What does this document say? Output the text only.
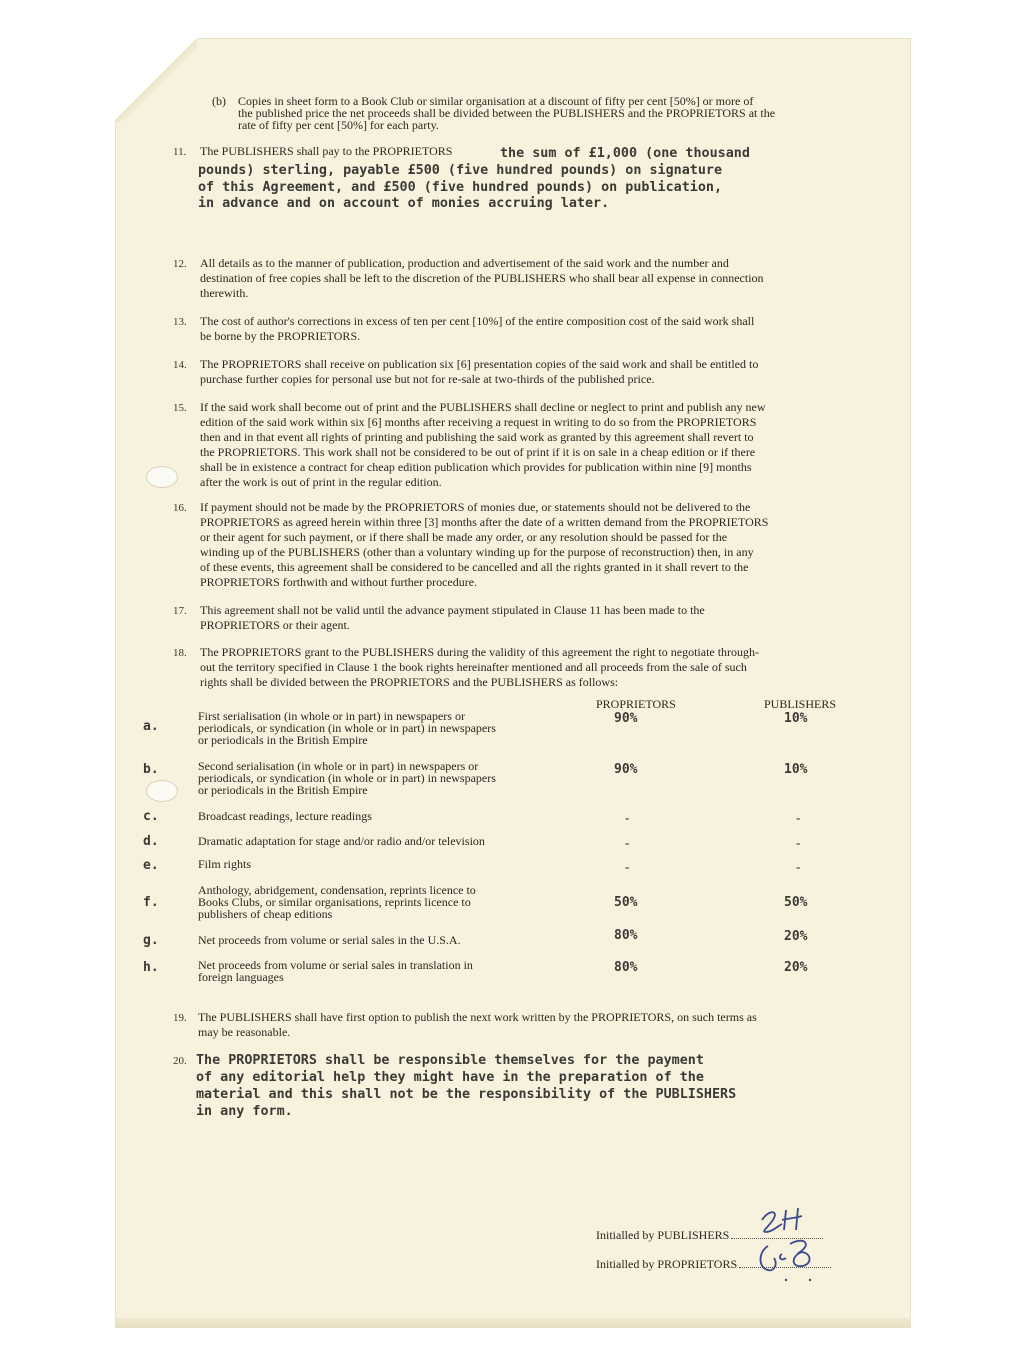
(b) Copies in sheet form to a Book Club or similar organisation at a discount of fifty per cent [50%] or more of
the published price the net proceeds shall be divided between the PUBLISHERS and the PROPRIETORS at the
rate of fifty per cent [50%] for each party.
11. The PUBLISHERS shall pay to the PROPRIETORS	the sum of £1,000 (one thousand
pounds) sterling, payable £500 (five hundred pounds) on signature
of this Agreement, and £500 (five hundred pounds) on publication,
in advance and on account of monies accruing later.
12. All details as to the manner of publication, production and advertisement of the said work and the number and
destination of free copies shall be left to the discretion of the PUBLISHERS who shall bear all expense in connection
therewith.
13. The cost of author's corrections in excess of ten per cent [10%] of the entire composition cost of the said work shall
be borne by the PROPRIETORS.
14. The PROPRIETORS shall receive on publication six [6] presentation copies of the said work and shall be entitled to
purchase further copies for personal use but not for re-sale at two-thirds of the published price.
15. If the said work shall become out of print and the PUBLISHERS shall decline or neglect to print and publish any new
edition of the said work within six [6] months after receiving a request in writing to do so from the PROPRIETORS
then and in that event all rights of printing and publishing the said work as granted by this agreement shall revert to
the PROPRIETORS. This work shall not be considered to be out of print if it is on sale in a cheap edition or if there
shall be in existence a contract for cheap edition publication which provides for publication within nine [9] months
after the work is out of print in the regular edition.
16. If payment should not be made by the PROPRIETORS of monies due, or statements should not be delivered to the
PROPRIETORS as agreed herein within three [3] months after the date of a written demand from the PROPRIETORS
or their agent for such payment, or if there shall be made any order, or any resolution should be passed for the
winding up of the PUBLISHERS (other than a voluntary winding up for the purpose of reconstruction) then, in any
of these events, this agreement shall be considered to be cancelled and all the rights granted in it shall revert to the
PROPRIETORS forthwith and without further procedure.
17. This agreement shall not be valid until the advance payment stipulated in Clause 11 has been made to the
PROPRIETORS or their agent.
18. The PROPRIETORS grant to the PUBLISHERS during the validity of this agreement the right to negotiate through-
out the territory specified in Clause 1 the book rights hereinafter mentioned and all proceeds from the sale of such
rights shall be divided between the PROPRIETORS and the PUBLISHERS as follows:
PROPRIETORS	PUBLISHERS
a.
First serialisation (in whole or in part) in newspapers or
periodicals, or syndication (in whole or in part) in newspapers
or periodicals in the British Empire
90%	10%
b.	Second serialisation (in whole or in part) in newspapers or
periodicals, or syndication (in whole or in part) in newspapers
or periodicals in the British Empire
90%	10%
c.	Broadcast readings, lecture readings	-	-
d.	Dramatic adaptation for stage and/or radio and/or television	-	-
e.	Film rights	-	-
f.
Anthology, abridgement, condensation, reprints licence to
Books Clubs, or similar organisations, reprints licence to
publishers of cheap editions
50%	50%
g.	Net proceeds from volume or serial sales in the U.S.A.	80%	20%
h.	Net proceeds from volume or serial sales in translation in
foreign languages
80%	20%
19. The PUBLISHERS shall have first option to publish the next work written by the PROPRIETORS, on such terms as
may be reasonable.
20. The PROPRIETORS shall be responsible themselves for the payment
of any editorial help they might have in the preparation of the
material and this shall not be the responsibility of the PUBLISHERS
in any form.
Initialled by PUBLISHERS
Initialled by PROPRIETORS
